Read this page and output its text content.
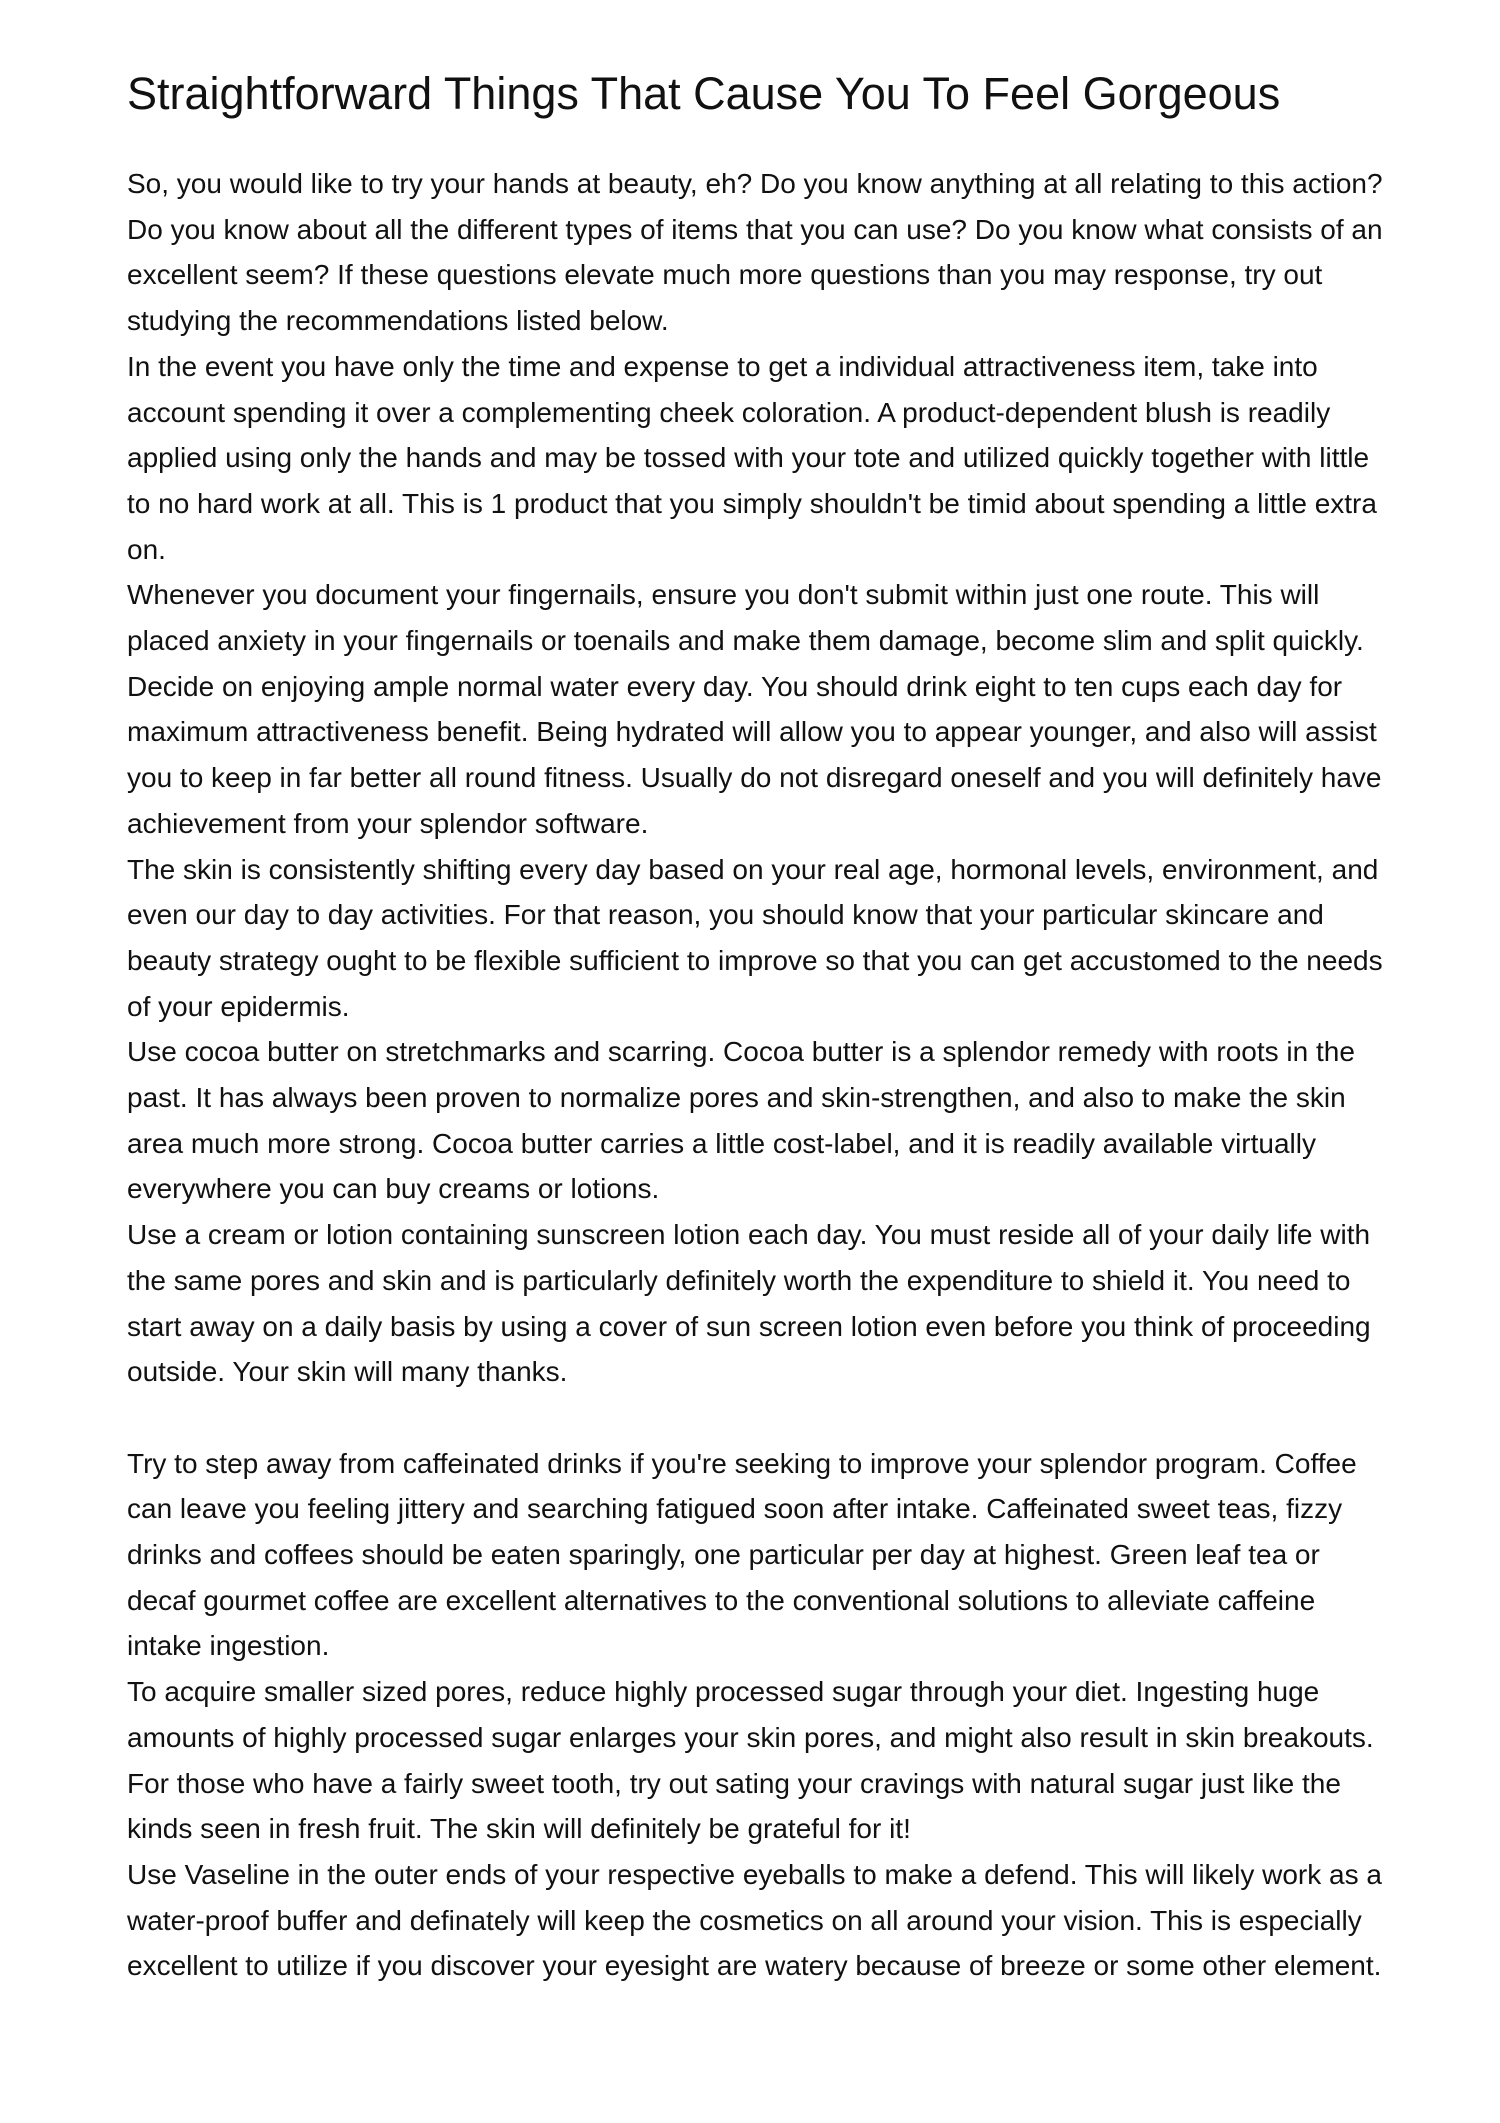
Straightforward Things That Cause You To Feel Gorgeous

So, you would like to try your hands at beauty, eh? Do you know anything at all relating to this action? Do you know about all the different types of items that you can use? Do you know what consists of an excellent seem? If these questions elevate much more questions than you may response, try out studying the recommendations listed below.

In the event you have only the time and expense to get a individual attractiveness item, take into account spending it over a complementing cheek coloration. A product-dependent blush is readily applied using only the hands and may be tossed with your tote and utilized quickly together with little to no hard work at all. This is 1 product that you simply shouldn't be timid about spending a little extra on.

Whenever you document your fingernails, ensure you don't submit within just one route. This will placed anxiety in your fingernails or toenails and make them damage, become slim and split quickly.

Decide on enjoying ample normal water every day. You should drink eight to ten cups each day for maximum attractiveness benefit. Being hydrated will allow you to appear younger, and also will assist you to keep in far better all round fitness. Usually do not disregard oneself and you will definitely have achievement from your splendor software.

The skin is consistently shifting every day based on your real age, hormonal levels, environment, and even our day to day activities. For that reason, you should know that your particular skincare and beauty strategy ought to be flexible sufficient to improve so that you can get accustomed to the needs of your epidermis.

Use cocoa butter on stretchmarks and scarring. Cocoa butter is a splendor remedy with roots in the past. It has always been proven to normalize pores and skin-strengthen, and also to make the skin area much more strong. Cocoa butter carries a little cost-label, and it is readily available virtually everywhere you can buy creams or lotions.

Use a cream or lotion containing sunscreen lotion each day. You must reside all of your daily life with the same pores and skin and is particularly definitely worth the expenditure to shield it. You need to start away on a daily basis by using a cover of sun screen lotion even before you think of proceeding outside. Your skin will many thanks.

Try to step away from caffeinated drinks if you're seeking to improve your splendor program. Coffee can leave you feeling jittery and searching fatigued soon after intake. Caffeinated sweet teas, fizzy drinks and coffees should be eaten sparingly, one particular per day at highest. Green leaf tea or decaf gourmet coffee are excellent alternatives to the conventional solutions to alleviate caffeine intake ingestion.

To acquire smaller sized pores, reduce highly processed sugar through your diet. Ingesting huge amounts of highly processed sugar enlarges your skin pores, and might also result in skin breakouts. For those who have a fairly sweet tooth, try out sating your cravings with natural sugar just like the kinds seen in fresh fruit. The skin will definitely be grateful for it!

Use Vaseline in the outer ends of your respective eyeballs to make a defend. This will likely work as a water-proof buffer and definately will keep the cosmetics on all around your vision. This is especially excellent to utilize if you discover your eyesight are watery because of breeze or some other element.
